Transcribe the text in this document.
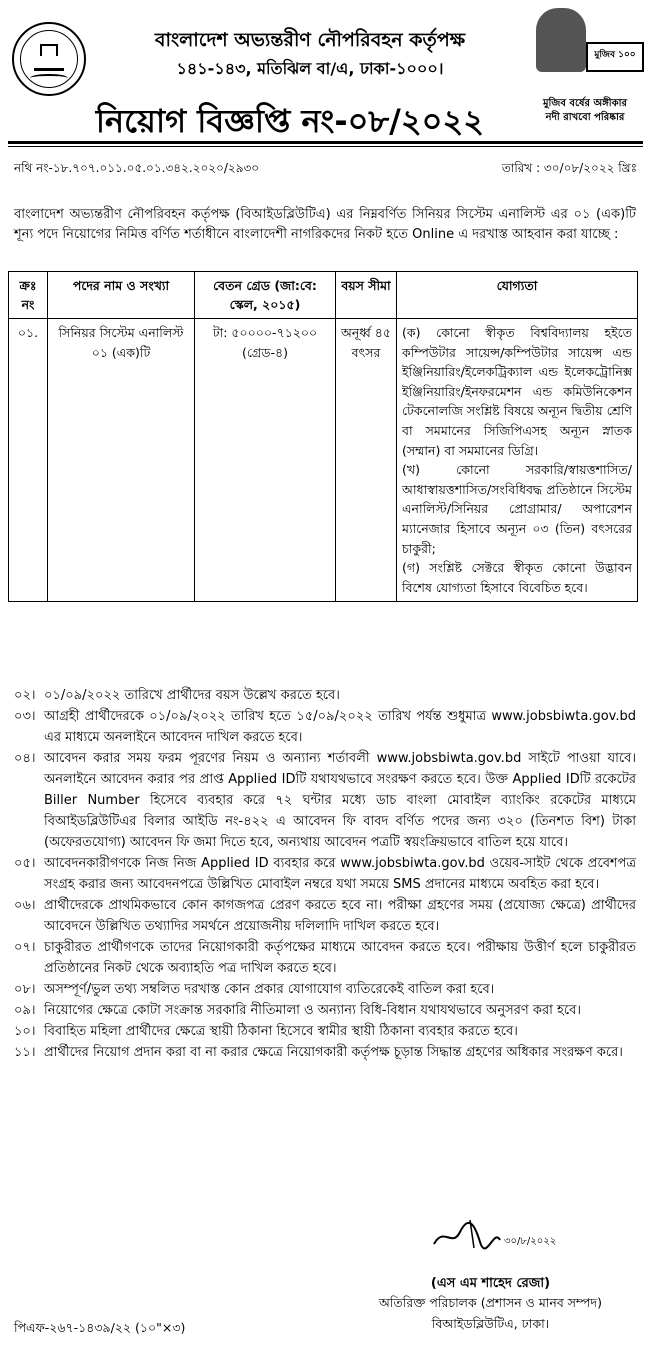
বাংলাদেশ অভ্যন্তরীণ নৌপরিবহন কর্তৃপক্ষ
১৪১-১৪৩, মতিঝিল বা/এ, ঢাকা-১০০০।
মুজিব ১০০
মুজিব বর্ষের অঙ্গীকার
নদী রাখবো পরিষ্কার
নিয়োগ বিজ্ঞপ্তি নং-০৮/২০২২
নথি নং-১৮.৭০৭.০১১.০৫.০১.৩৪২.২০২০/২৯৩০	তারিখ : ৩০/০৮/২০২২ খ্রিঃ
বাংলাদেশ অভ্যন্তরীণ নৌপরিবহন কর্তৃপক্ষ (বিআইডব্লিউটিএ) এর নিম্নবর্ণিত সিনিয়র সিস্টেম এনালিস্ট এর ০১ (এক)টি শূন্য পদে নিয়োগের নিমিত্ত বর্ণিত শর্তাধীনে বাংলাদেশী নাগরিকদের নিকট হতে Online এ দরখাস্ত আহবান করা যাচ্ছে :
ক্রঃ নং	পদের নাম ও সংখ্যা	বেতন গ্রেড (জা:বে: স্কেল, ২০১৫)	বয়স সীমা	যোগ্যতা
০১.	সিনিয়র সিস্টেম এনালিস্ট ০১ (এক)টি	টা: ৫০০০০-৭১২০০ (গ্রেড-৪)	অনূর্ধ্ব ৪৫ বৎসর	(ক) কোনো স্বীকৃত বিশ্ববিদ্যালয় হইতে কম্পিউটার সায়েন্স/কম্পিউটার সায়েন্স এন্ড ইঞ্জিনিয়ারিং/ইলেকট্রিক্যাল এন্ড ইলেকট্রোনিক্স ইঞ্জিনিয়ারিং/ইনফরমেশন এন্ড কমিউনিকেশন টেকনোলজি সংশ্লিষ্ট বিষয়ে অন্যূন দ্বিতীয় শ্রেণি বা সমমানের সিজিপিএসহ অন্যূন স্নাতক (সম্মান) বা সমমানের ডিগ্রি।
(খ) কোনো সরকারি/স্বায়ত্তশাসিত/ আধাস্বায়ত্তশাসিত/সংবিধিবদ্ধ প্রতিষ্ঠানে সিস্টেম এনালিস্ট/সিনিয়র প্রোগ্রামার/ অপারেশন ম্যানেজার হিসাবে অন্যূন ০৩ (তিন) বৎসরের চাকুরী;
(গ) সংশ্লিষ্ট সেক্টরে স্বীকৃত কোনো উদ্ভাবন বিশেষ যোগ্যতা হিসাবে বিবেচিত হবে।
০২। ০১/০৯/২০২২ তারিখে প্রার্থীদের বয়স উল্লেখ করতে হবে।
০৩। আগ্রহী প্রার্থীদেরকে ০১/০৯/২০২২ তারিখ হতে ১৫/০৯/২০২২ তারিখ পর্যন্ত শুধুমাত্র www.jobsbiwta.gov.bd এর মাধ্যমে অনলাইনে আবেদন দাখিল করতে হবে।
০৪। আবেদন করার সময় ফরম পূরণের নিয়ম ও অন্যান্য শর্তাবলী www.jobsbiwta.gov.bd সাইটে পাওয়া যাবে। অনলাইনে আবেদন করার পর প্রাপ্ত Applied IDটি যথাযথভাবে সংরক্ষণ করতে হবে। উক্ত Applied IDটি রকেটের Biller Number হিসেবে ব্যবহার করে ৭২ ঘন্টার মধ্যে ডাচ বাংলা মোবাইল ব্যাংকিং রকেটের মাধ্যমে বিআইডব্লিউটিএর বিলার আইডি নং-৪২২ এ আবেদন ফি বাবদ বর্ণিত পদের জন্য ৩২০ (তিনশত বিশ) টাকা (অফেরতযোগ্য) আবেদন ফি জমা দিতে হবে, অন্যথায় আবেদন পত্রটি স্বয়ংক্রিয়ভাবে বাতিল হয়ে যাবে।
০৫। আবেদনকারীগণকে নিজ নিজ Applied ID ব্যবহার করে www.jobsbiwta.gov.bd ওয়েব-সাইট থেকে প্রবেশপত্র সংগ্রহ করার জন্য আবেদনপত্রে উল্লিখিত মোবাইল নম্বরে যথা সময়ে SMS প্রদানের মাধ্যমে অবহিত করা হবে।
০৬। প্রার্থীদেরকে প্রাথমিকভাবে কোন কাগজপত্র প্রেরণ করতে হবে না। পরীক্ষা গ্রহণের সময় (প্রযোজ্য ক্ষেত্রে) প্রার্থীদের আবেদনে উল্লিখিত তথ্যাদির সমর্থনে প্রয়োজনীয় দলিলাদি দাখিল করতে হবে।
০৭। চাকুরীরত প্রার্থীগণকে তাদের নিয়োগকারী কর্তৃপক্ষের মাধ্যমে আবেদন করতে হবে। পরীক্ষায় উত্তীর্ণ হলে চাকুরীরত প্রতিষ্ঠানের নিকট থেকে অব্যাহতি পত্র দাখিল করতে হবে।
০৮। অসম্পূর্ণ/ভুল তথ্য সম্বলিত দরখাস্ত কোন প্রকার যোগাযোগ ব্যতিরেকেই বাতিল করা হবে।
০৯। নিয়োগের ক্ষেত্রে কোটা সংক্রান্ত সরকারি নীতিমালা ও অন্যান্য বিধি-বিধান যথাযথভাবে অনুসরণ করা হবে।
১০। বিবাহিত মহিলা প্রার্থীদের ক্ষেত্রে স্থায়ী ঠিকানা হিসেবে স্বামীর স্থায়ী ঠিকানা ব্যবহার করতে হবে।
১১। প্রার্থীদের নিয়োগ প্রদান করা বা না করার ক্ষেত্রে নিয়োগকারী কর্তৃপক্ষ চূড়ান্ত সিদ্ধান্ত গ্রহণের অধিকার সংরক্ষণ করে।
৩০/৮/২০২২
(এস এম শাহেদ রেজা)
অতিরিক্ত পরিচালক (প্রশাসন ও মানব সম্পদ)
বিআইডব্লিউটিএ, ঢাকা।
পিএফ-২৬৭-১৪৩৯/২২ (১০"×৩)
